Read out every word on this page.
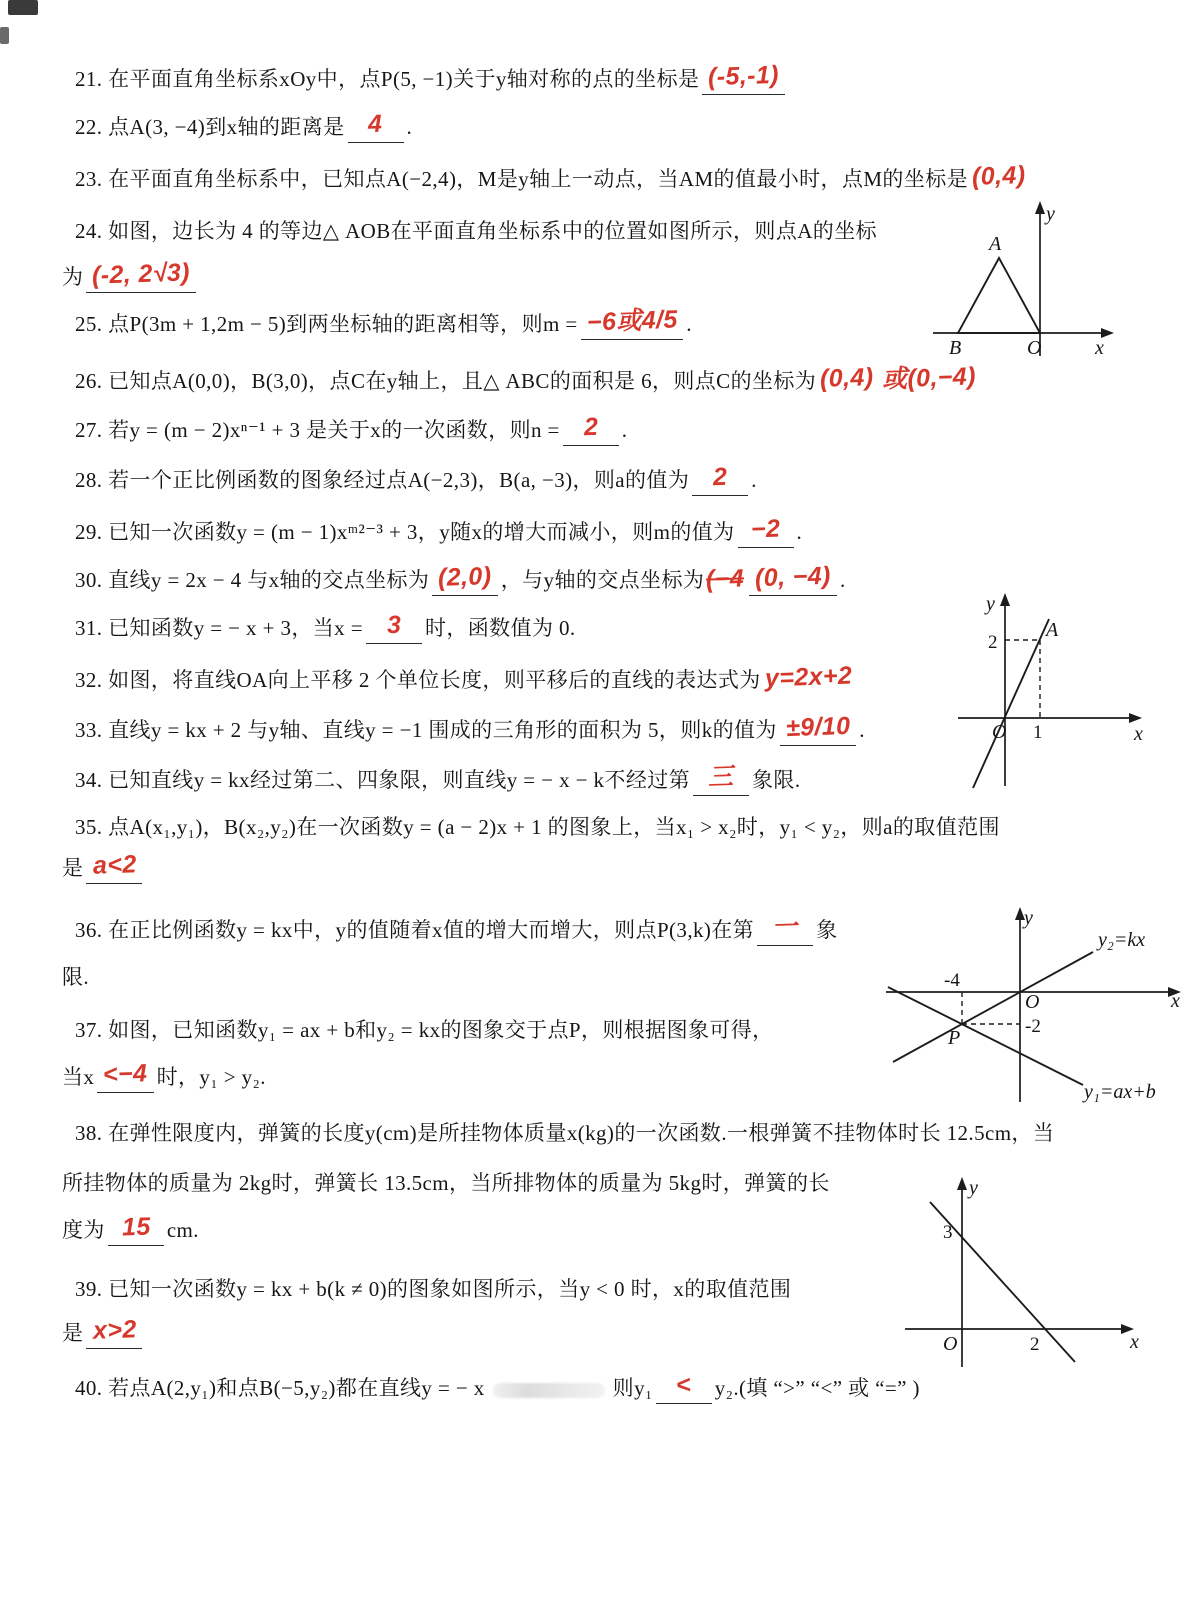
21. 在平面直角坐标系xOy中，点P(5, −1)关于y轴对称的点的坐标是 (-5,-1)
22. 点A(3, −4)到x轴的距离是 4 .
23. 在平面直角坐标系中，已知点A(−2,4)，M是y轴上一动点，当AM的值最小时，点M的坐标是 (0,4)
24. 如图，边长为 4 的等边△ AOB在平面直角坐标系中的位置如图所示，则点A的坐标
为 (-2, 2√3)
25. 点P(3m + 1,2m − 5)到两坐标轴的距离相等，则m = −6或4/5 .
26. 已知点A(0,0)，B(3,0)，点C在y轴上，且△ ABC的面积是 6，则点C的坐标为 (0,4) 或(0,−4)
27. 若y = (m − 2)xⁿ⁻¹ + 3 是关于x的一次函数，则n = 2 .
28. 若一个正比例函数的图象经过点A(−2,3)，B(a, −3)，则a的值为 2 .
29. 已知一次函数y = (m − 1)xᵐ²⁻³ + 3，y随x的增大而减小，则m的值为 −2 .
30. 直线y = 2x − 4 与x轴的交点坐标为 (2,0) ，与y轴的交点坐标为(−4 (0, −4) .
31. 已知函数y = − x + 3，当x = 3 时，函数值为 0.
32. 如图，将直线OA向上平移 2 个单位长度，则平移后的直线的表达式为 y=2x+2
33. 直线y = kx + 2 与y轴、直线y = −1 围成的三角形的面积为 5，则k的值为 ±9/10 .
34. 已知直线y = kx经过第二、四象限，则直线y = − x − k不经过第 三 象限.
35. 点A(x₁,y₁)，B(x₂,y₂)在一次函数y = (a − 2)x + 1 的图象上，当x₁ > x₂时，y₁ < y₂，则a的取值范围
是 a<2
36. 在正比例函数y = kx中，y的值随着x值的增大而增大，则点P(3,k)在第 一 象
限.
37. 如图，已知函数y₁ = ax + b和y₂ = kx的图象交于点P，则根据图象可得，
当x <−4 时，y₁ > y₂.
38. 在弹性限度内，弹簧的长度y(cm)是所挂物体质量x(kg)的一次函数.一根弹簧不挂物体时长 12.5cm，当
所挂物体的质量为 2kg时，弹簧长 13.5cm，当所排物体的质量为 5kg时，弹簧的长
度为 15 cm.
39. 已知一次函数y = kx + b(k ≠ 0)的图象如图所示，当y < 0 时，x的取值范围
是 x>2
40. 若点A(2,y₁)和点B(−5,y₂)都在直线y = − x	则y₁ < y₂.(填 “>” “<” 或 “=” )
y
A
B	O	x
y
2
A
O 1	x
y
-4
-2
O
P
x
y₂=kx
y₁=ax+b
y
3
O	2	x
